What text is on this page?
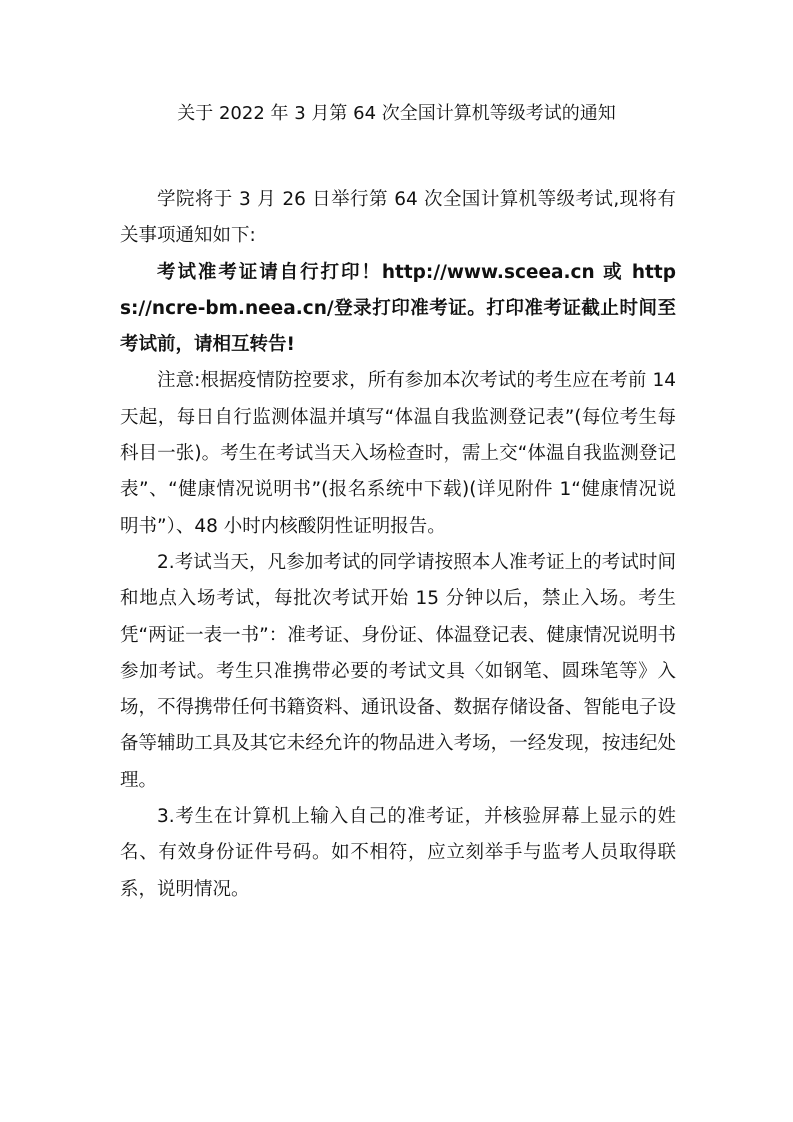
关于 2022 年 3 月第 64 次全国计算机等级考试的通知

学院将于 3 月 26 日举行第 64 次全国计算机等级考试,现将有关事项通知如下:

考试准考证请自行打印！http://www.sceea.cn 或 https://ncre-bm.neea.cn/登录打印准考证。打印准考证截止时间至考试前，请相互转告!

注意:根据疫情防控要求，所有参加本次考试的考生应在考前 14 天起，每日自行监测体温并填写“体温自我监测登记表”(每位考生每科目一张)。考生在考试当天入场检查时，需上交“体温自我监测登记表”、“健康情况说明书”(报名系统中下载)(详见附件 1“健康情况说明书”）、48 小时内核酸阴性证明报告。

2.考试当天，凡参加考试的同学请按照本人准考证上的考试时间和地点入场考试，每批次考试开始 15 分钟以后，禁止入场。考生凭“两证一表一书”：准考证、身份证、体温登记表、健康情况说明书参加考试。考生只准携带必要的考试文具〈如钢笔、圆珠笔等》入场，不得携带任何书籍资料、通讯设备、数据存储设备、智能电子设备等辅助工具及其它未经允许的物品进入考场，一经发现，按违纪处理。

3.考生在计算机上输入自己的准考证，并核验屏幕上显示的姓名、有效身份证件号码。如不相符，应立刻举手与监考人员取得联系，说明情况。
